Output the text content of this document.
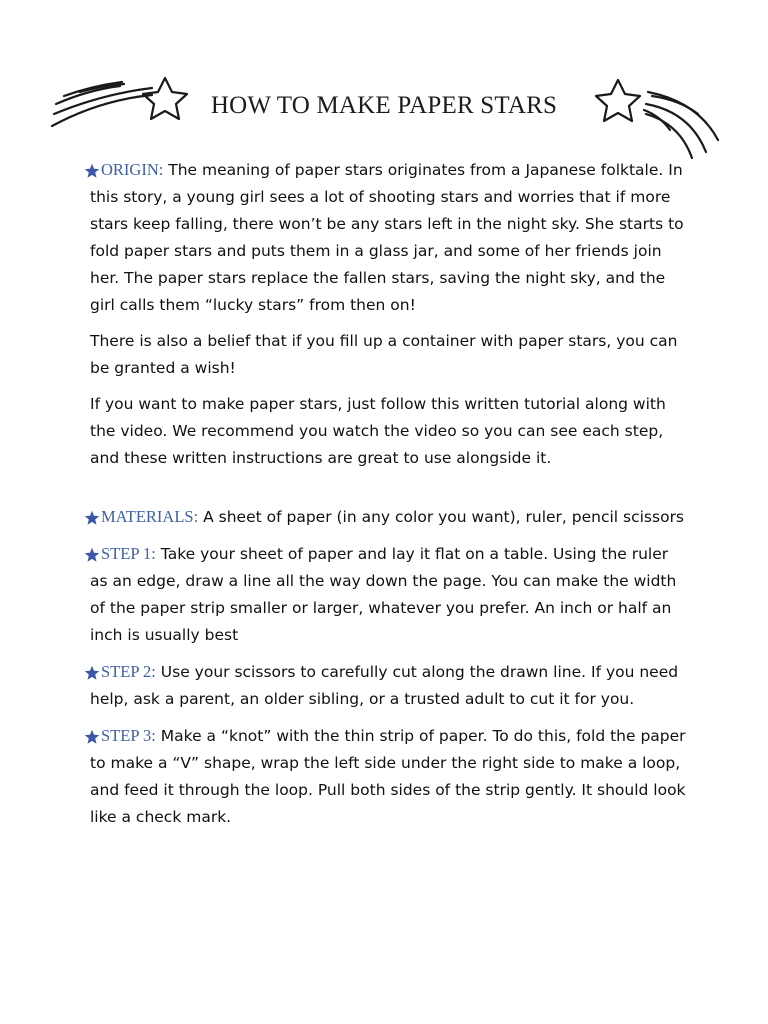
HOW TO MAKE PAPER STARS

ORIGIN: The meaning of paper stars originates from a Japanese folktale. In this story, a young girl sees a lot of shooting stars and worries that if more stars keep falling, there won’t be any stars left in the night sky. She starts to fold paper stars and puts them in a glass jar, and some of her friends join her. The paper stars replace the fallen stars, saving the night sky, and the girl calls them “lucky stars” from then on!

There is also a belief that if you fill up a container with paper stars, you can be granted a wish!

If you want to make paper stars, just follow this written tutorial along with the video. We recommend you watch the video so you can see each step, and these written instructions are great to use alongside it.

MATERIALS: A sheet of paper (in any color you want), ruler, pencil scissors

STEP 1: Take your sheet of paper and lay it flat on a table. Using the ruler as an edge, draw a line all the way down the page. You can make the width of the paper strip smaller or larger, whatever you prefer. An inch or half an inch is usually best

STEP 2: Use your scissors to carefully cut along the drawn line. If you need help, ask a parent, an older sibling, or a trusted adult to cut it for you.

STEP 3: Make a “knot” with the thin strip of paper. To do this, fold the paper to make a “V” shape, wrap the left side under the right side to make a loop, and feed it through the loop. Pull both sides of the strip gently. It should look like a check mark.
